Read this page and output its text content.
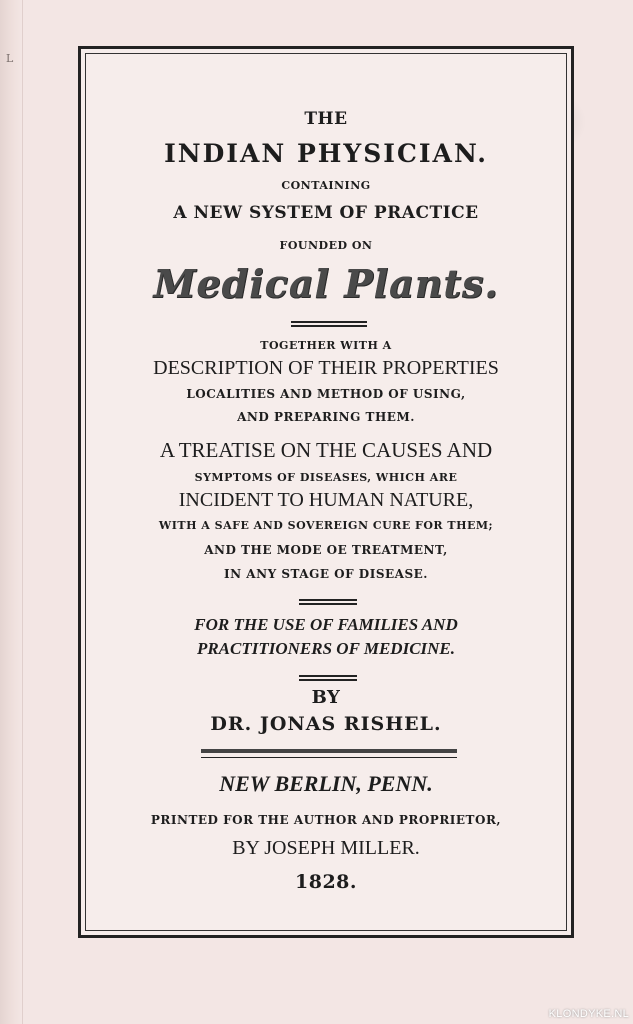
L
THE
INDIAN PHYSICIAN.
CONTAINING
A NEW SYSTEM OF PRACTICE
FOUNDED ON
Medical Plants.
TOGETHER WITH A
DESCRIPTION OF THEIR PROPERTIES
LOCALITIES AND METHOD OF USING,
AND PREPARING THEM.
A TREATISE ON THE CAUSES AND
SYMPTOMS OF DISEASES, WHICH ARE
INCIDENT TO HUMAN NATURE,
WITH A SAFE AND SOVEREIGN CURE FOR THEM;
AND THE MODE OE TREATMENT,
IN ANY STAGE OF DISEASE.
FOR THE USE OF FAMILIES AND
PRACTITIONERS OF MEDICINE.
BY
DR. JONAS RISHEL.
NEW BERLIN, PENN.
PRINTED FOR THE AUTHOR AND PROPRIETOR,
BY JOSEPH MILLER.
1828.
KLONDYKE.NL
